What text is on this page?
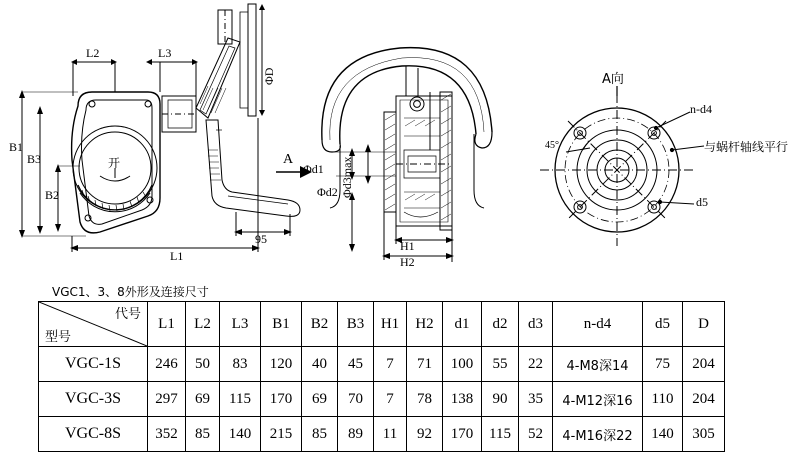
L2	L3
B1
B3
B2
L1
95
开
ΦD
A
Φd1
Φd2 Φd3max
H1
H2
A向
n-d4
45°	与蜗杆轴线平行
d5
VGC1、3、8外形及连接尺寸
代号
型号	L1	L2	L3	B1	B2	B3	H1	H2	d1	d2	d3	n-d4	d5	D
VGC-1S	246	50	83	120	40	45	7	71	100	55	22	4-M8深14	75	204
VGC-3S	297	69	115	170	69	70	7	78	138	90	35	4-M12深16	110	204
VGC-8S	352	85	140	215	85	89	11	92	170	115	52	4-M16深22	140	305
